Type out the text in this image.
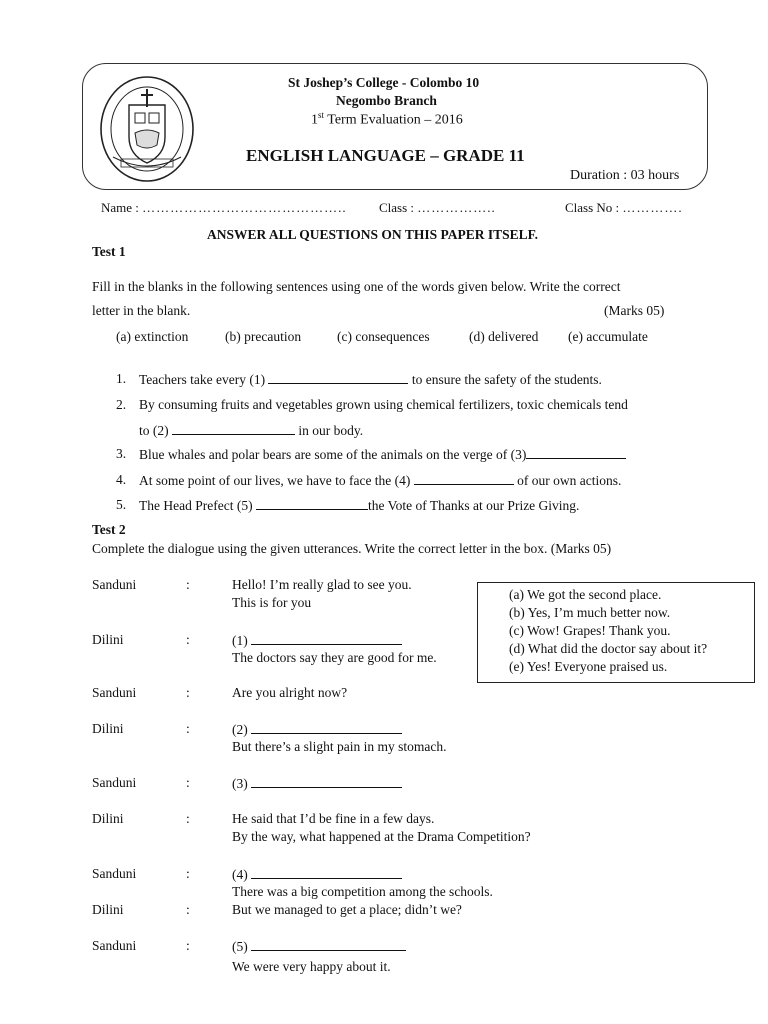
St Joshep’s College - Colombo 10
Negombo Branch
1st Term Evaluation – 2016
ENGLISH LANGUAGE – GRADE 11
Duration : 03 hours
Name : …………………………………….. Class : ……………..	Class No : ………….
ANSWER ALL QUESTIONS ON THIS PAPER ITSELF.
Test 1
Fill in the blanks in the following sentences using one of the words given below. Write the correct
letter in the blank.	(Marks 05)
(a) extinction	(b) precaution	(c) consequences	(d) delivered (e) accumulate
1. Teachers take every (1)	to ensure the safety of the students.
2. By consuming fruits and vegetables grown using chemical fertilizers, toxic chemicals tend
to (2)	in our body.
3. Blue whales and polar bears are some of the animals on the verge of (3)
4. At some point of our lives, we have to face the (4)	of our own actions.
5. The Head Prefect (5)	the Vote of Thanks at our Prize Giving.
Test 2
Complete the dialogue using the given utterances. Write the correct letter in the box. (Marks 05)
(a) We got the second place.
(b) Yes, I’m much better now.
(c) Wow! Grapes! Thank you.
(d) What did the doctor say about it?
(e) Yes! Everyone praised us.
Sanduni	:	Hello! I’m really glad to see you.
This is for you
Dilini	:	(1)
The doctors say they are good for me.
Sanduni	:	Are you alright now?
Dilini	:	(2)
But there’s a slight pain in my stomach.
Sanduni	:	(3)
Dilini	:	He said that I’d be fine in a few days.
By the way, what happened at the Drama Competition?
Sanduni	:	(4)
There was a big competition among the schools.
Dilini	:	But we managed to get a place; didn’t we?
Sanduni	:	(5)
We were very happy about it.
